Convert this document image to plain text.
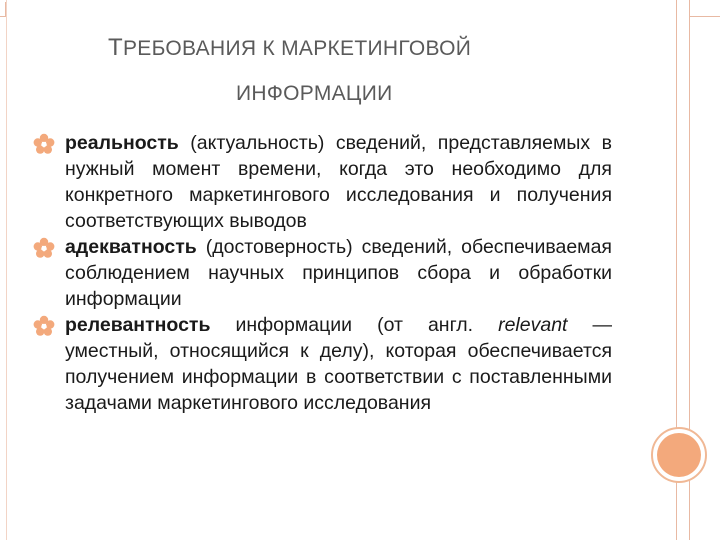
ТРЕБОВАНИЯ К МАРКЕТИНГОВОЙ
ИНФОРМАЦИИ
реальность (актуальность) сведений, представляемых в нужный момент времени, когда это необходимо для конкретного маркетингового исследования и получения соответствующих выводов
адекватность (достоверность) сведений, обеспечиваемая соблюдением научных принципов сбора и обработки информации
релевантность информации (от англ. relevant — уместный, относящийся к делу), которая обеспечивается получением информации в соответствии с поставленными задачами маркетингового исследования
